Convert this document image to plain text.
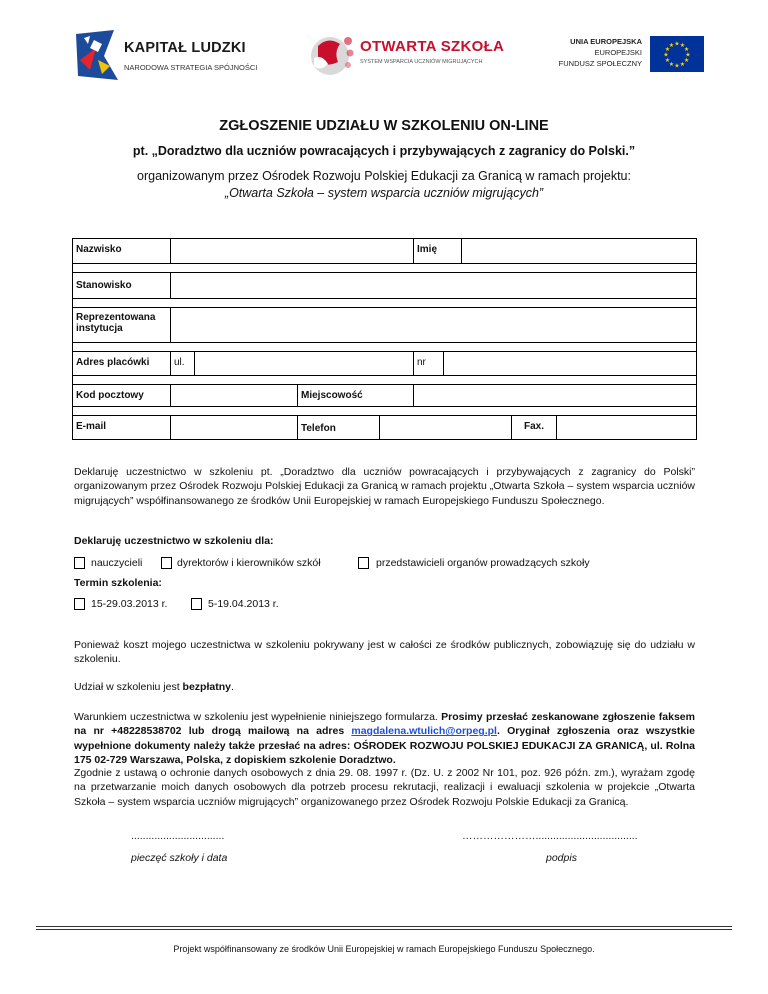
KAPITAŁ LUDZKI
NARODOWA STRATEGIA SPÓJNOŚCI
OTWARTA SZKOŁA
SYSTEM WSPARCIA UCZNIÓW MIGRUJĄCYCH
UNIA EUROPEJSKA
EUROPEJSKI
FUNDUSZ SPOŁECZNY
★ ★
★
★
★
★
★
★
★
★
★
★
ZGŁOSZENIE UDZIAŁU W SZKOLENIU ON-LINE
pt. „Doradztwo dla uczniów powracających i przybywających z zagranicy do Polski.”
organizowanym przez Ośrodek Rozwoju Polskiej Edukacji za Granicą w ramach projektu:
„Otwarta Szkoła – system wsparcia uczniów migrujących”
Nazwisko	Imię
Stanowisko
Reprezentowana instytucja
Adres placówki	ul.	nr
Kod pocztowy	Miejscowość
E-mail	Telefon	Fax.
Deklaruję uczestnictwo w szkoleniu pt. „Doradztwo dla uczniów powracających i przybywających z zagranicy do Polski” organizowanym przez Ośrodek Rozwoju Polskiej Edukacji za Granicą w ramach projektu „Otwarta Szkoła – system wsparcia uczniów migrujących” współfinansowanego ze środków Unii Europejskiej w ramach Europejskiego Funduszu Społecznego.
Deklaruję uczestnictwo w szkoleniu dla:
nauczycieli	dyrektorów i kierowników szkół	przedstawicieli organów prowadzących szkoły
Termin szkolenia:
15-29.03.2013 r.	5-19.04.2013 r.
Ponieważ koszt mojego uczestnictwa w szkoleniu pokrywany jest w całości ze środków publicznych, zobowiązuję się do udziału w szkoleniu.
Udział w szkoleniu jest bezpłatny.
Warunkiem uczestnictwa w szkoleniu jest wypełnienie niniejszego formularza. Prosimy przesłać zeskanowane zgłoszenie faksem na nr +48228538702 lub drogą mailową na adres magdalena.wtulich@orpeg.pl. Oryginał zgłoszenia oraz wszystkie wypełnione dokumenty należy także przesłać na adres: OŚRODEK ROZWOJU POLSKIEJ EDUKACJI ZA GRANICĄ, ul. Rolna 175 02-729 Warszawa, Polska, z dopiskiem szkolenie Doradztwo.
Zgodnie z ustawą o ochronie danych osobowych z dnia 29. 08. 1997 r. (Dz. U. z 2002 Nr 101, poz. 926 późn. zm.), wyrażam zgodę na przetwarzanie moich danych osobowych dla potrzeb procesu rekrutacji, realizacji i ewaluacji szkolenia w projekcie „Otwarta Szkoła – system wsparcia uczniów migrujących” organizowanego przez Ośrodek Rozwoju Polskie Edukacji za Granicą.
................................
pieczęć szkoły i data
…………………...................................
podpis
Projekt współfinansowany ze środków Unii Europejskiej w ramach Europejskiego Funduszu Społecznego.
